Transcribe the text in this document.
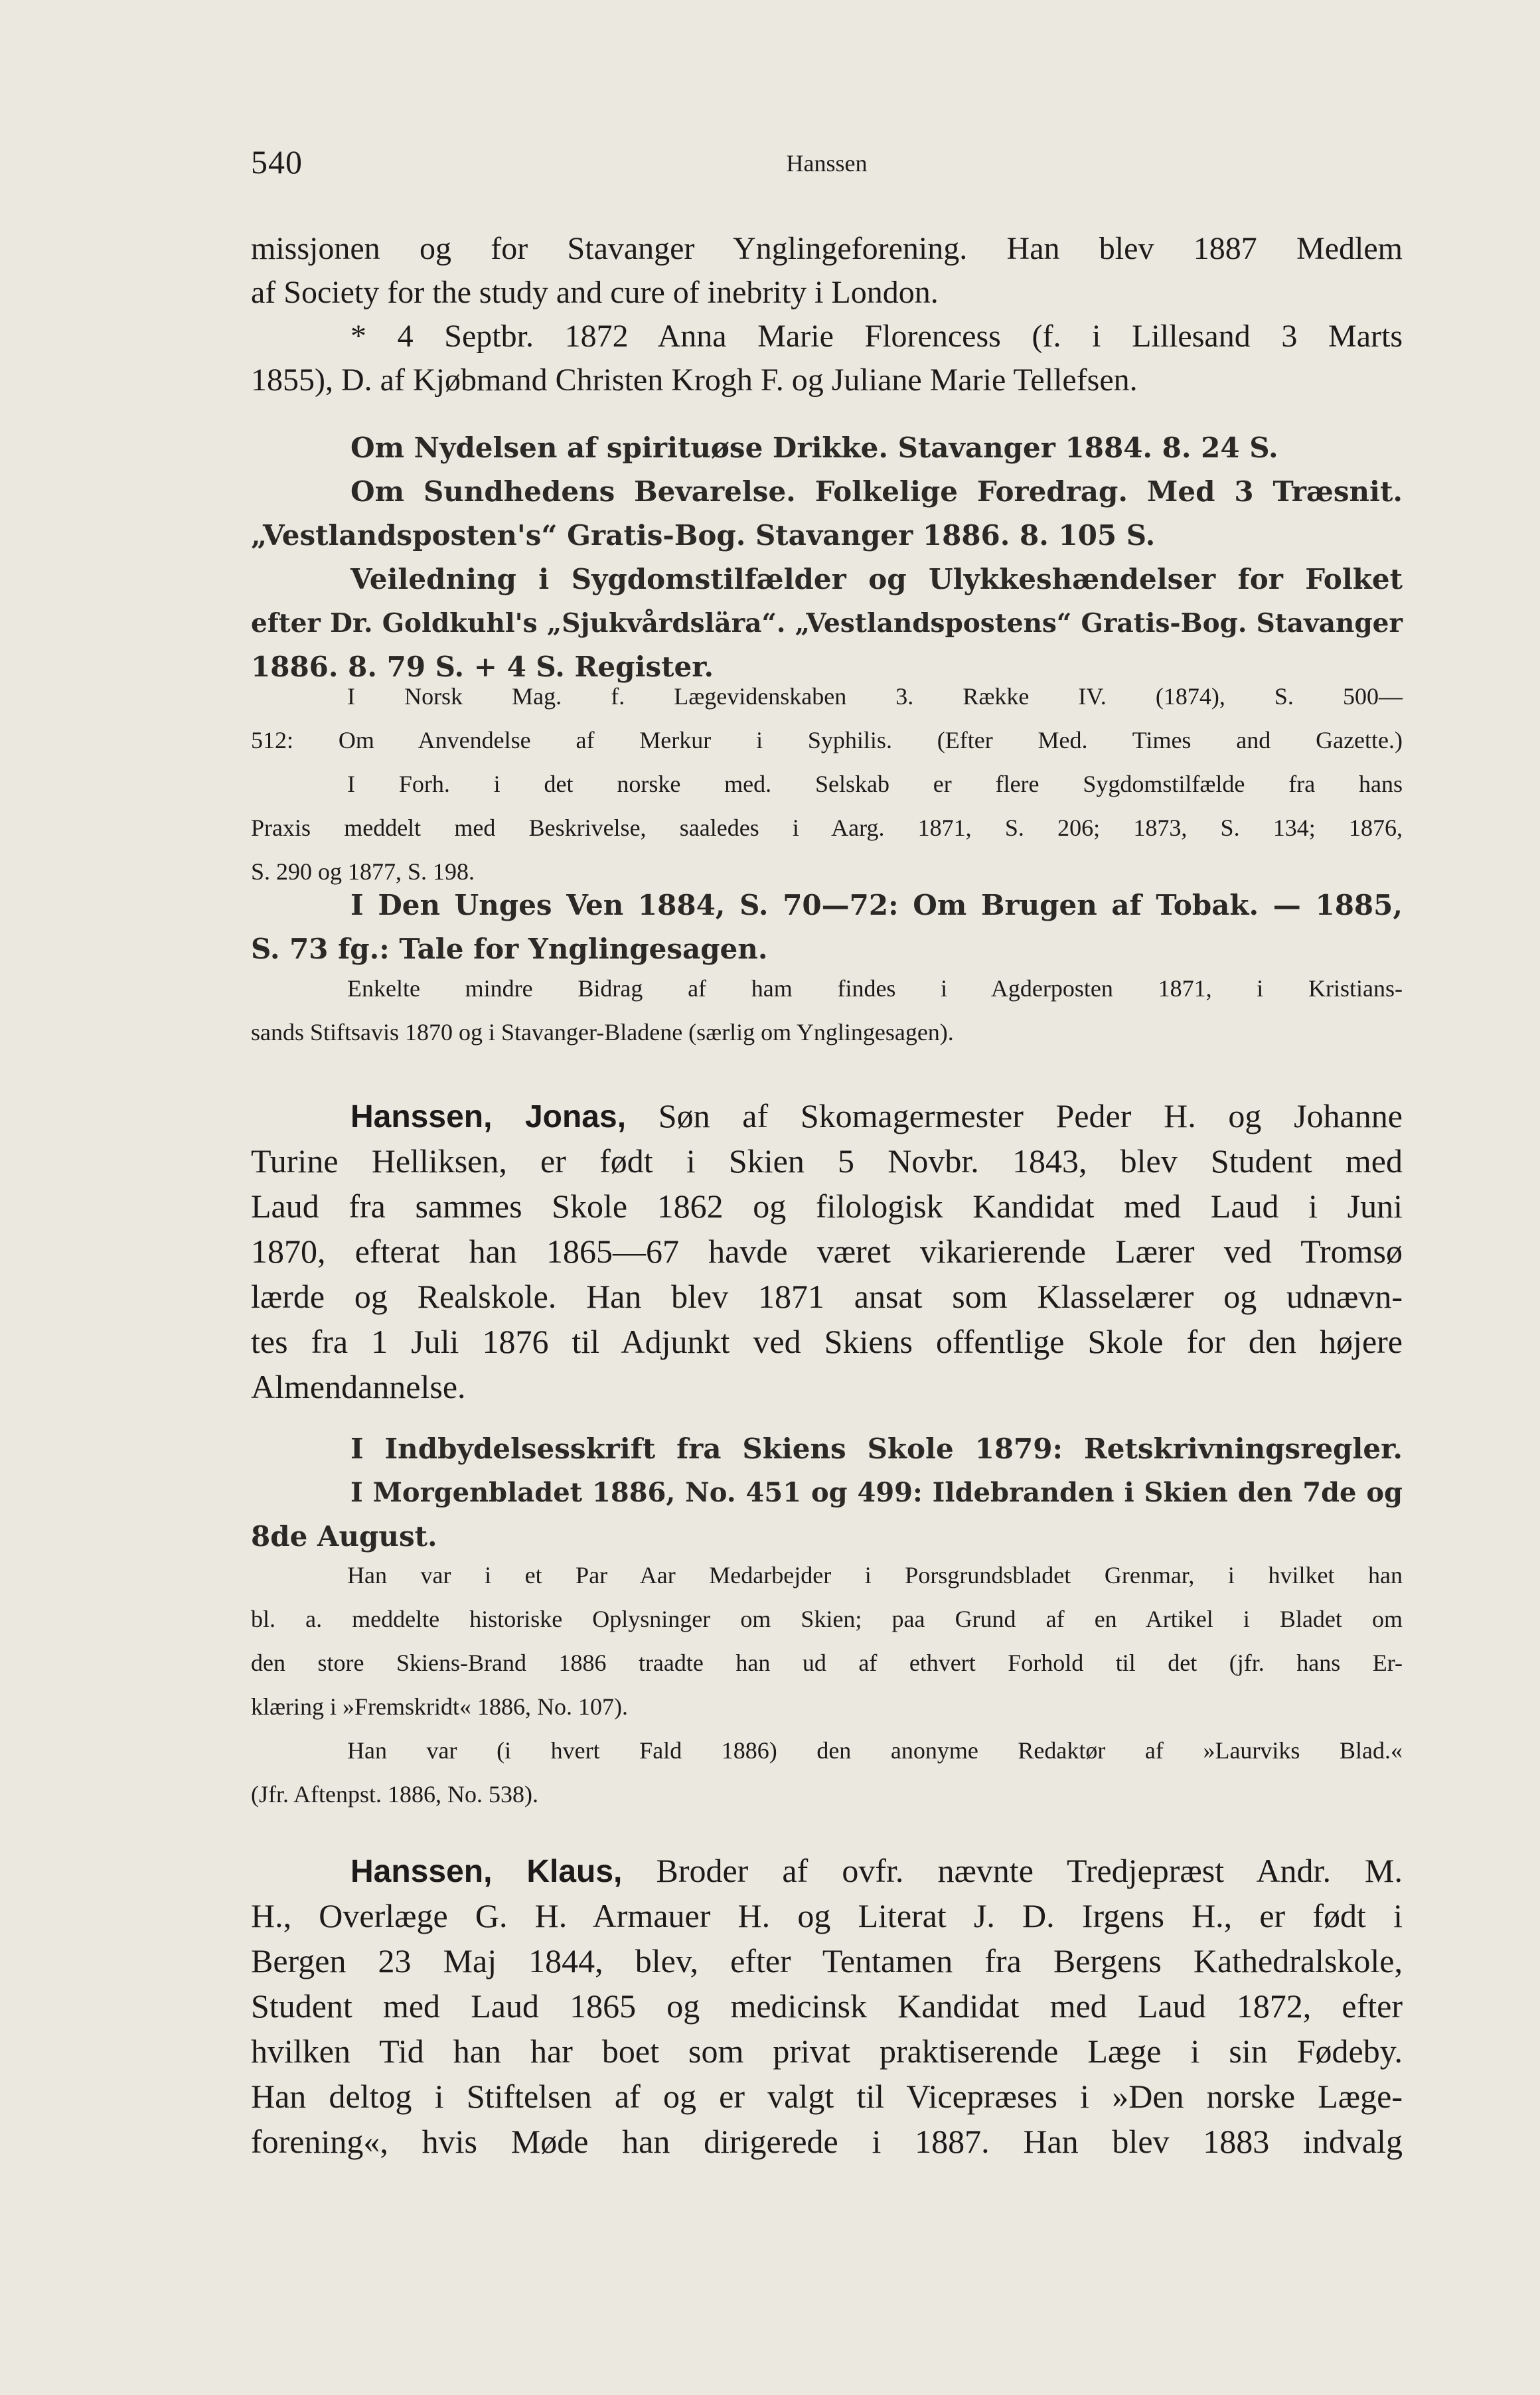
540	Hanssen
missjonen og for Stavanger Ynglingeforening. Han blev 1887 Medlem
af Society for the study and cure of inebrity i London.
* 4 Septbr. 1872 Anna Marie Florencess (f. i Lillesand 3 Marts
1855), D. af Kjøbmand Christen Krogh F. og Juliane Marie Tellefsen.
Om Nydelsen af spirituøse Drikke. Stavanger 1884. 8. 24 S.
Om Sundhedens Bevarelse. Folkelige Foredrag. Med 3 Træsnit.
„Vestlandsposten's“ Gratis-Bog. Stavanger 1886. 8. 105 S.
Veiledning i Sygdomstilfælder og Ulykkeshændelser for Folket
efter Dr. Goldkuhl's „Sjukvårdslära“. „Vestlandspostens“ Gratis-Bog. Stavanger
1886. 8. 79 S. + 4 S. Register.
I Norsk Mag. f. Lægevidenskaben 3. Række IV. (1874), S. 500—
512: Om Anvendelse af Merkur i Syphilis. (Efter Med. Times and Gazette.)
I Forh. i det norske med. Selskab er flere Sygdomstilfælde fra hans
Praxis meddelt med Beskrivelse, saaledes i Aarg. 1871, S. 206; 1873, S. 134; 1876,
S. 290 og 1877, S. 198.
I Den Unges Ven 1884, S. 70—72: Om Brugen af Tobak. — 1885,
S. 73 fg.: Tale for Ynglingesagen.
Enkelte mindre Bidrag af ham findes i Agderposten 1871, i Kristians-
sands Stiftsavis 1870 og i Stavanger-Bladene (særlig om Ynglingesagen).
Hanssen, Jonas, Søn af Skomagermester Peder H. og Johanne
Turine Helliksen, er født i Skien 5 Novbr. 1843, blev Student med
Laud fra sammes Skole 1862 og filologisk Kandidat med Laud i Juni
1870, efterat han 1865—67 havde været vikarierende Lærer ved Tromsø
lærde og Realskole. Han blev 1871 ansat som Klasselærer og udnævn-
tes fra 1 Juli 1876 til Adjunkt ved Skiens offentlige Skole for den højere
Almendannelse.
I Indbydelsesskrift fra Skiens Skole 1879: Retskrivningsregler.
I Morgenbladet 1886, No. 451 og 499: Ildebranden i Skien den 7de og
8de August.
Han var i et Par Aar Medarbejder i Porsgrundsbladet Grenmar, i hvilket han
bl. a. meddelte historiske Oplysninger om Skien; paa Grund af en Artikel i Bladet om
den store Skiens-Brand 1886 traadte han ud af ethvert Forhold til det (jfr. hans Er-
klæring i »Fremskridt« 1886, No. 107).
Han var (i hvert Fald 1886) den anonyme Redaktør af »Laurviks Blad.«
(Jfr. Aftenpst. 1886, No. 538).
Hanssen, Klaus, Broder af ovfr. nævnte Tredjepræst Andr. M.
H., Overlæge G. H. Armauer H. og Literat J. D. Irgens H., er født i
Bergen 23 Maj 1844, blev, efter Tentamen fra Bergens Kathedralskole,
Student med Laud 1865 og medicinsk Kandidat med Laud 1872, efter
hvilken Tid han har boet som privat praktiserende Læge i sin Fødeby.
Han deltog i Stiftelsen af og er valgt til Vicepræses i »Den norske Læge-
forening«, hvis Møde han dirigerede i 1887. Han blev 1883 indvalg
